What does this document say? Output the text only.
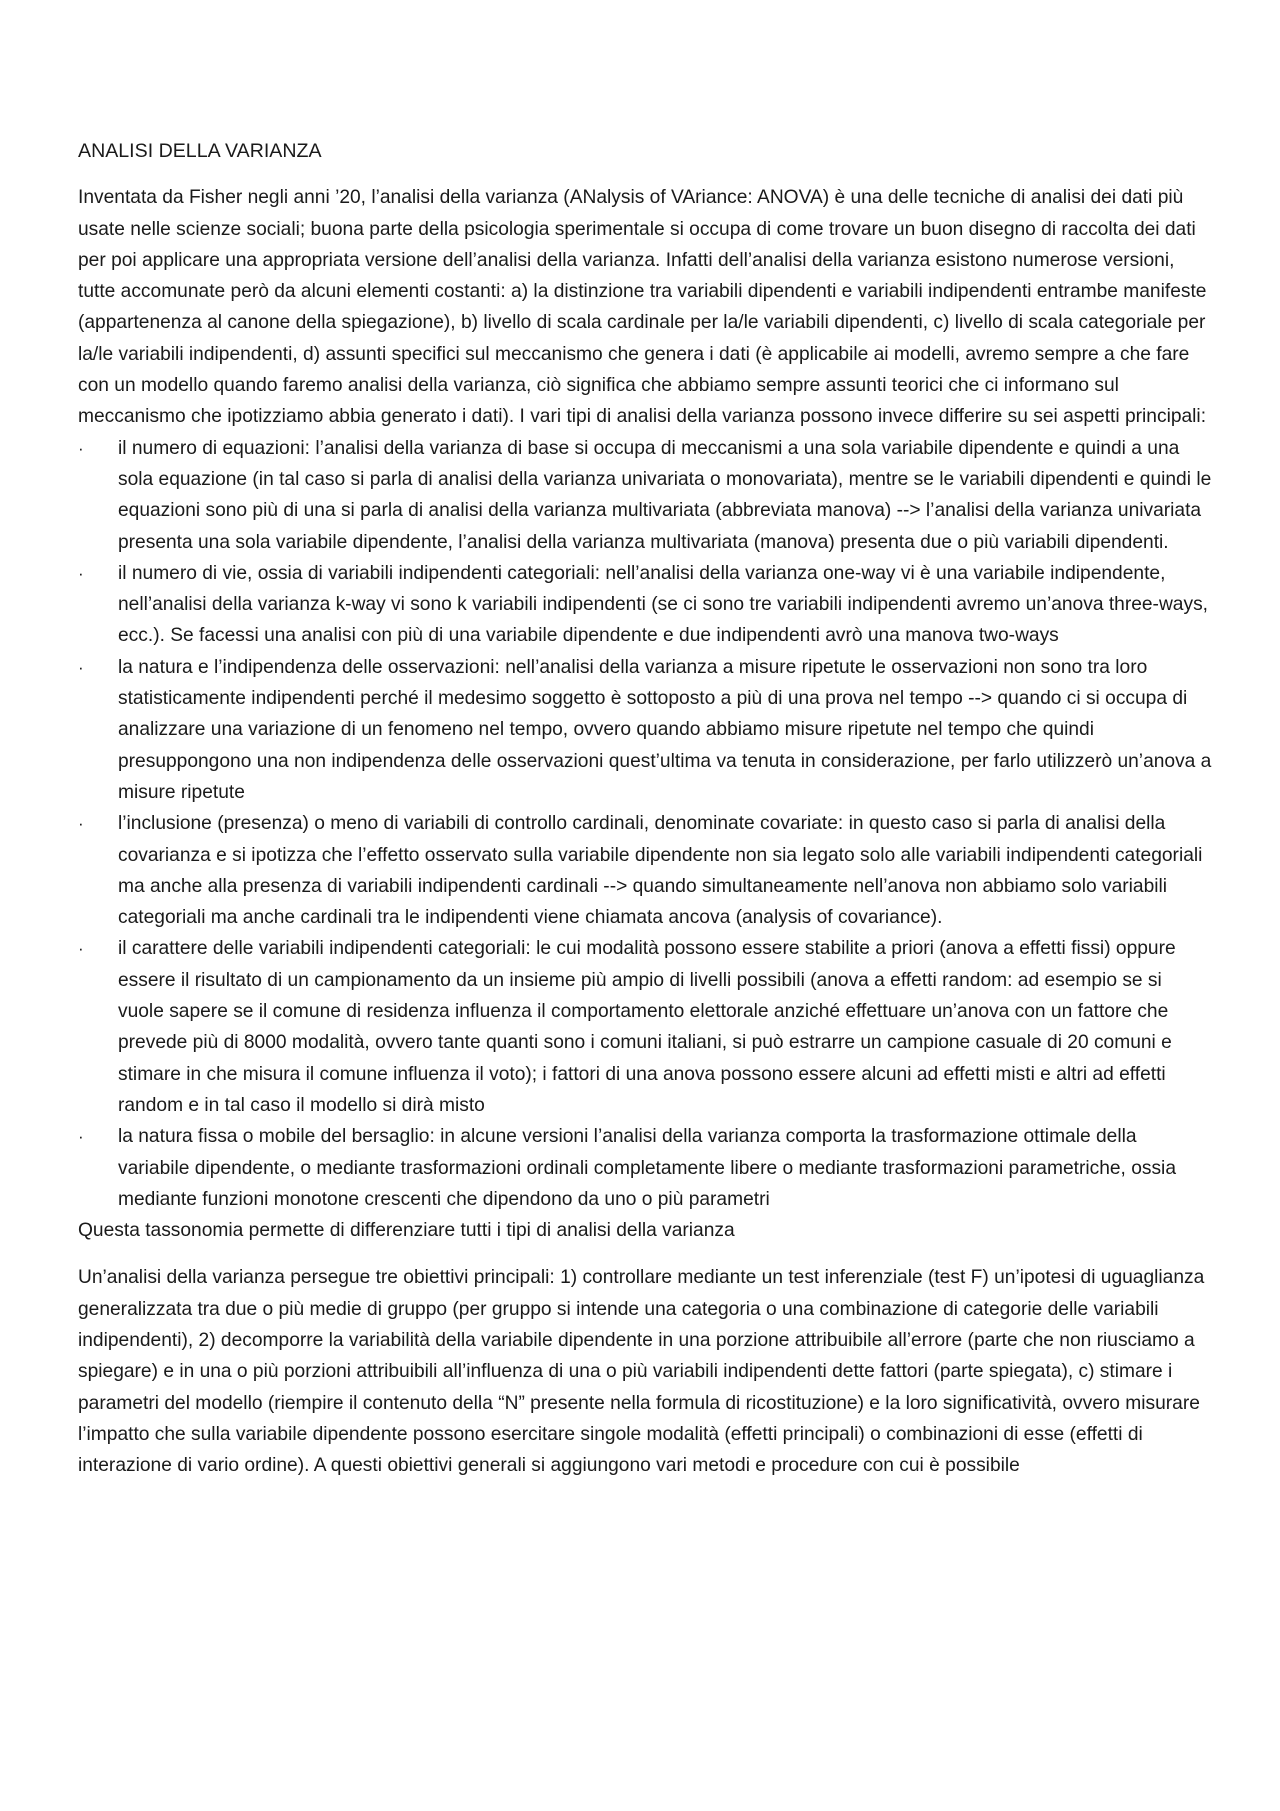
ANALISI DELLA VARIANZA

Inventata da Fisher negli anni ’20, l’analisi della varianza (ANalysis of VAriance: ANOVA) è una delle tecniche di analisi dei dati più usate nelle scienze sociali; buona parte della psicologia sperimentale si occupa di come trovare un buon disegno di raccolta dei dati per poi applicare una appropriata versione dell’analisi della varianza. Infatti dell’analisi della varianza esistono numerose versioni, tutte accomunate però da alcuni elementi costanti: a) la distinzione tra variabili dipendenti e variabili indipendenti entrambe manifeste (appartenenza al canone della spiegazione), b) livello di scala cardinale per la/le variabili dipendenti, c) livello di scala categoriale per la/le variabili indipendenti, d) assunti specifici sul meccanismo che genera i dati (è applicabile ai modelli, avremo sempre a che fare con un modello quando faremo analisi della varianza, ciò significa che abbiamo sempre assunti teorici che ci informano sul meccanismo che ipotizziamo abbia generato i dati). I vari tipi di analisi della varianza possono invece differire su sei aspetti principali:

· il numero di equazioni: l’analisi della varianza di base si occupa di meccanismi a una sola variabile dipendente e quindi a una sola equazione (in tal caso si parla di analisi della varianza univariata o monovariata), mentre se le variabili dipendenti e quindi le equazioni sono più di una si parla di analisi della varianza multivariata (abbreviata manova) --> l’analisi della varianza univariata presenta una sola variabile dipendente, l’analisi della varianza multivariata (manova) presenta due o più variabili dipendenti.
· il numero di vie, ossia di variabili indipendenti categoriali: nell’analisi della varianza one-way vi è una variabile indipendente, nell’analisi della varianza k-way vi sono k variabili indipendenti (se ci sono tre variabili indipendenti avremo un’anova three-ways, ecc.). Se facessi una analisi con più di una variabile dipendente e due indipendenti avrò una manova two-ways
· la natura e l’indipendenza delle osservazioni: nell’analisi della varianza a misure ripetute le osservazioni non sono tra loro statisticamente indipendenti perché il medesimo soggetto è sottoposto a più di una prova nel tempo --> quando ci si occupa di analizzare una variazione di un fenomeno nel tempo, ovvero quando abbiamo misure ripetute nel tempo che quindi presuppongono una non indipendenza delle osservazioni quest’ultima va tenuta in considerazione, per farlo utilizzerò un’anova a misure ripetute
· l’inclusione (presenza) o meno di variabili di controllo cardinali, denominate covariate: in questo caso si parla di analisi della covarianza e si ipotizza che l’effetto osservato sulla variabile dipendente non sia legato solo alle variabili indipendenti categoriali ma anche alla presenza di variabili indipendenti cardinali --> quando simultaneamente nell’anova non abbiamo solo variabili categoriali ma anche cardinali tra le indipendenti viene chiamata ancova (analysis of covariance).
· il carattere delle variabili indipendenti categoriali: le cui modalità possono essere stabilite a priori (anova a effetti fissi) oppure essere il risultato di un campionamento da un insieme più ampio di livelli possibili (anova a effetti random: ad esempio se si vuole sapere se il comune di residenza influenza il comportamento elettorale anziché effettuare un’anova con un fattore che prevede più di 8000 modalità, ovvero tante quanti sono i comuni italiani, si può estrarre un campione casuale di 20 comuni e stimare in che misura il comune influenza il voto); i fattori di una anova possono essere alcuni ad effetti misti e altri ad effetti random e in tal caso il modello si dirà misto
· la natura fissa o mobile del bersaglio: in alcune versioni l’analisi della varianza comporta la trasformazione ottimale della variabile dipendente, o mediante trasformazioni ordinali completamente libere o mediante trasformazioni parametriche, ossia mediante funzioni monotone crescenti che dipendono da uno o più parametri

Questa tassonomia permette di differenziare tutti i tipi di analisi della varianza

Un’analisi della varianza persegue tre obiettivi principali: 1) controllare mediante un test inferenziale (test F) un’ipotesi di uguaglianza generalizzata tra due o più medie di gruppo (per gruppo si intende una categoria o una combinazione di categorie delle variabili indipendenti), 2) decomporre la variabilità della variabile dipendente in una porzione attribuibile all’errore (parte che non riusciamo a spiegare) e in una o più porzioni attribuibili all’influenza di una o più variabili indipendenti dette fattori (parte spiegata), c) stimare i parametri del modello (riempire il contenuto della “N” presente nella formula di ricostituzione) e la loro significatività, ovvero misurare l’impatto che sulla variabile dipendente possono esercitare singole modalità (effetti principali) o combinazioni di esse (effetti di interazione di vario ordine). A questi obiettivi generali si aggiungono vari metodi e procedure con cui è possibile
